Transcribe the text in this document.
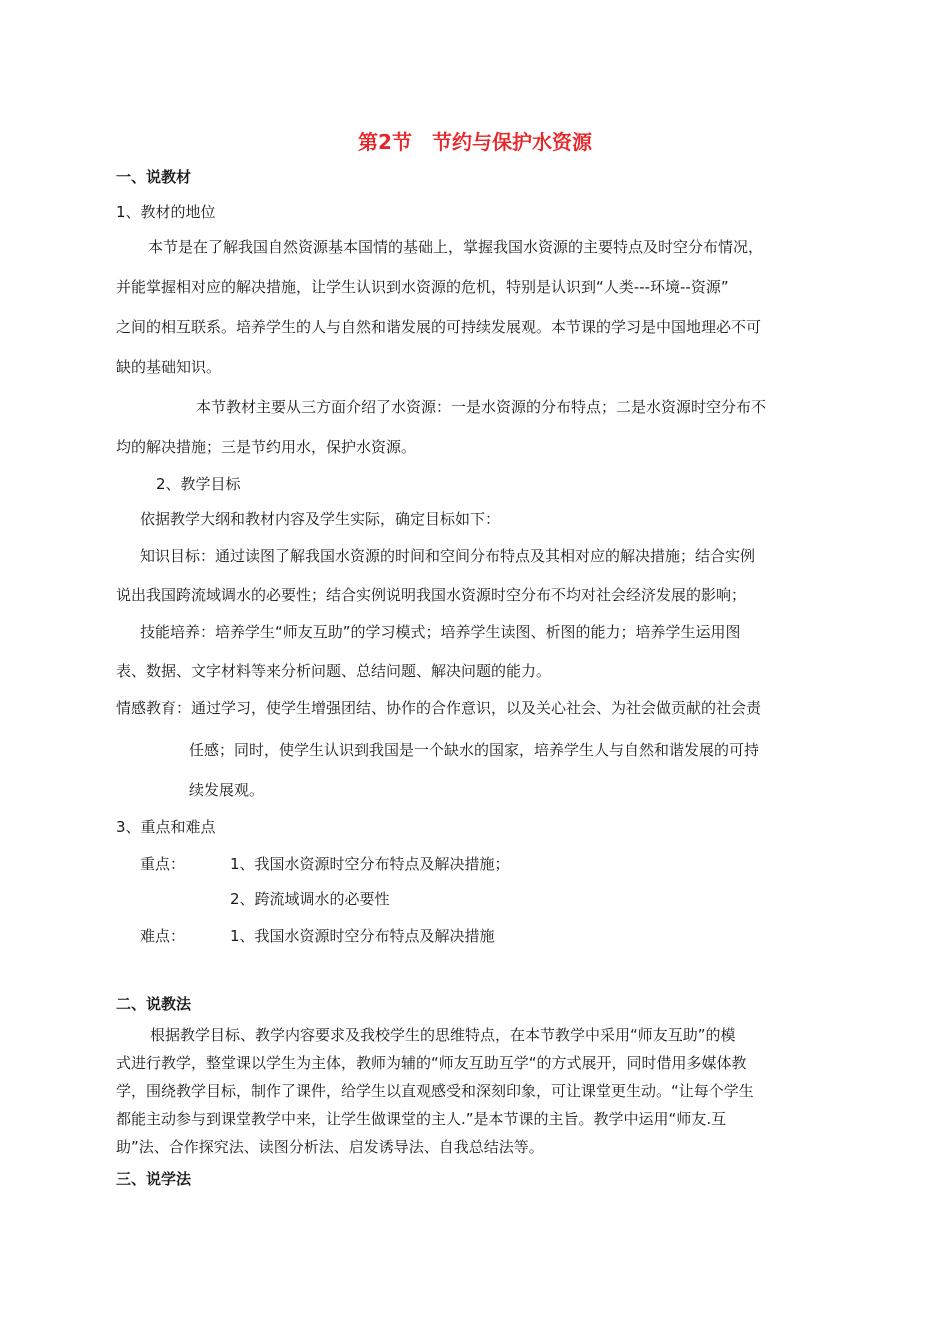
第2节　节约与保护水资源
一、说教材
1、教材的地位
本节是在了解我国自然资源基本国情的基础上，掌握我国水资源的主要特点及时空分布情况，
并能掌握相对应的解决措施，让学生认识到水资源的危机，特别是认识到“人类---环境--资源”
之间的相互联系。培养学生的人与自然和谐发展的可持续发展观。本节课的学习是中国地理必不可
缺的基础知识。
本节教材主要从三方面介绍了水资源：一是水资源的分布特点；二是水资源时空分布不
均的解决措施；三是节约用水，保护水资源。
2、教学目标
依据教学大纲和教材内容及学生实际，确定目标如下：
知识目标：通过读图了解我国水资源的时间和空间分布特点及其相对应的解决措施；结合实例
说出我国跨流域调水的必要性；结合实例说明我国水资源时空分布不均对社会经济发展的影响；
技能培养：培养学生“师友互助”的学习模式；培养学生读图、析图的能力；培养学生运用图
表、数据、文字材料等来分析问题、总结问题、解决问题的能力。
情感教育：通过学习，使学生增强团结、协作的合作意识，以及关心社会、为社会做贡献的社会责
任感；同时，使学生认识到我国是一个缺水的国家，培养学生人与自然和谐发展的可持
续发展观。
3、重点和难点
重点：	1、我国水资源时空分布特点及解决措施；
2、跨流域调水的必要性
难点：	1、我国水资源时空分布特点及解决措施
二、说教法
根据教学目标、教学内容要求及我校学生的思维特点，在本节教学中采用“师友互助”的模
式进行教学，整堂课以学生为主体，教师为辅的“师友互助互学“的方式展开，同时借用多媒体教
学，围绕教学目标，制作了课件，给学生以直观感受和深刻印象，可让课堂更生动。“让每个学生
都能主动参与到课堂教学中来，让学生做课堂的主人.”是本节课的主旨。教学中运用“师友.互
助”法、合作探究法、读图分析法、启发诱导法、自我总结法等。
三、说学法
